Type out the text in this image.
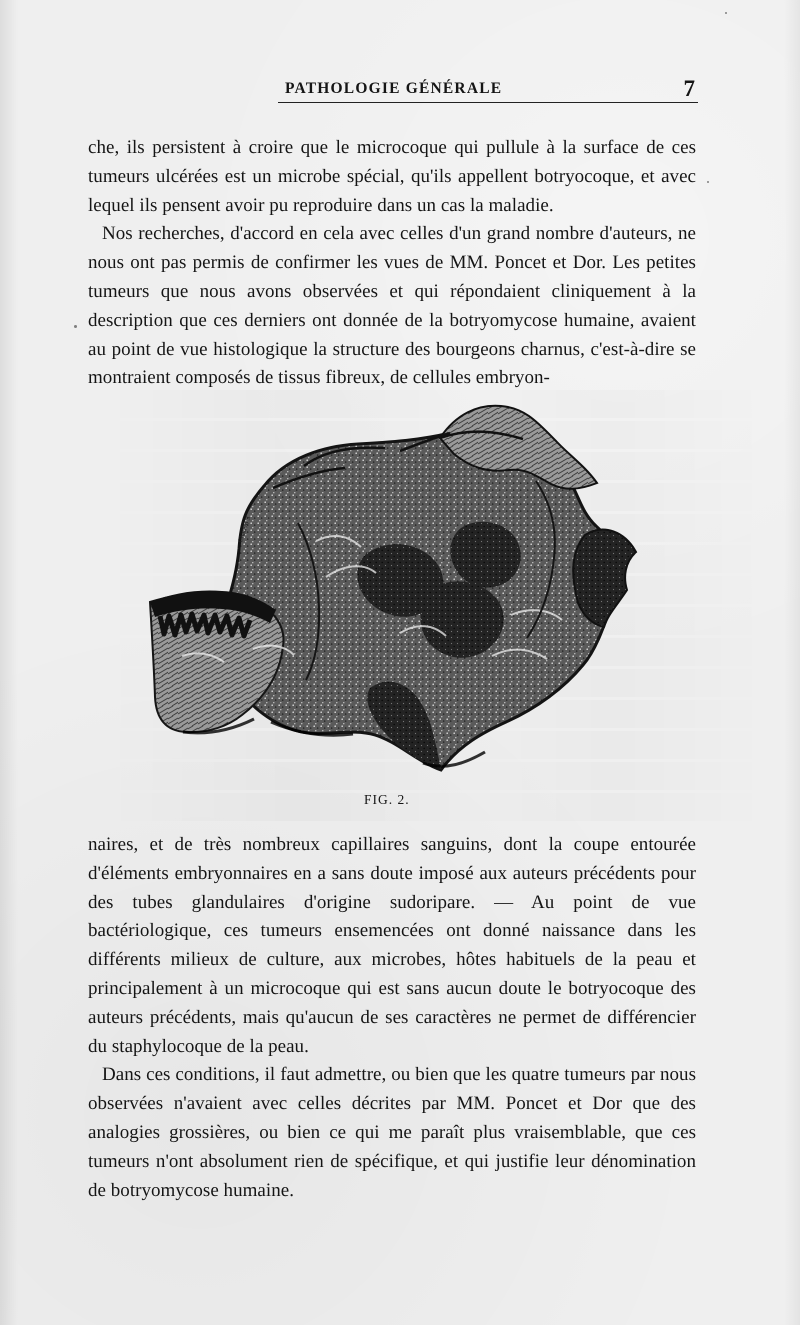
PATHOLOGIE GÉNÉRALE	7

che, ils persistent à croire que le microcoque qui pullule à la surface de ces tumeurs ulcérées est un microbe spécial, qu'ils appellent botryocoque, et avec lequel ils pensent avoir pu reproduire dans un cas la maladie.

Nos recherches, d'accord en cela avec celles d'un grand nombre d'auteurs, ne nous ont pas permis de confirmer les vues de MM. Poncet et Dor. Les petites tumeurs que nous avons observées et qui répondaient cliniquement à la description que ces derniers ont donnée de la botryomycose humaine, avaient au point de vue histologique la structure des bourgeons charnus, c'est-à-dire se montraient composés de tissus fibreux, de cellules embryon-

Chauvo 3
FIG. 2.

naires, et de très nombreux capillaires sanguins, dont la coupe entourée d'éléments embryonnaires en a sans doute imposé aux auteurs précédents pour des tubes glandulaires d'origine sudoripare. — Au point de vue bactériologique, ces tumeurs ensemencées ont donné naissance dans les différents milieux de culture, aux microbes, hôtes habituels de la peau et principalement à un microcoque qui est sans aucun doute le botryocoque des auteurs précédents, mais qu'aucun de ses caractères ne permet de différencier du staphylocoque de la peau.

Dans ces conditions, il faut admettre, ou bien que les quatre tumeurs par nous observées n'avaient avec celles décrites par MM. Poncet et Dor que des analogies grossières, ou bien ce qui me paraît plus vraisemblable, que ces tumeurs n'ont absolument rien de spécifique, et qui justifie leur dénomination de botryomycose humaine.
